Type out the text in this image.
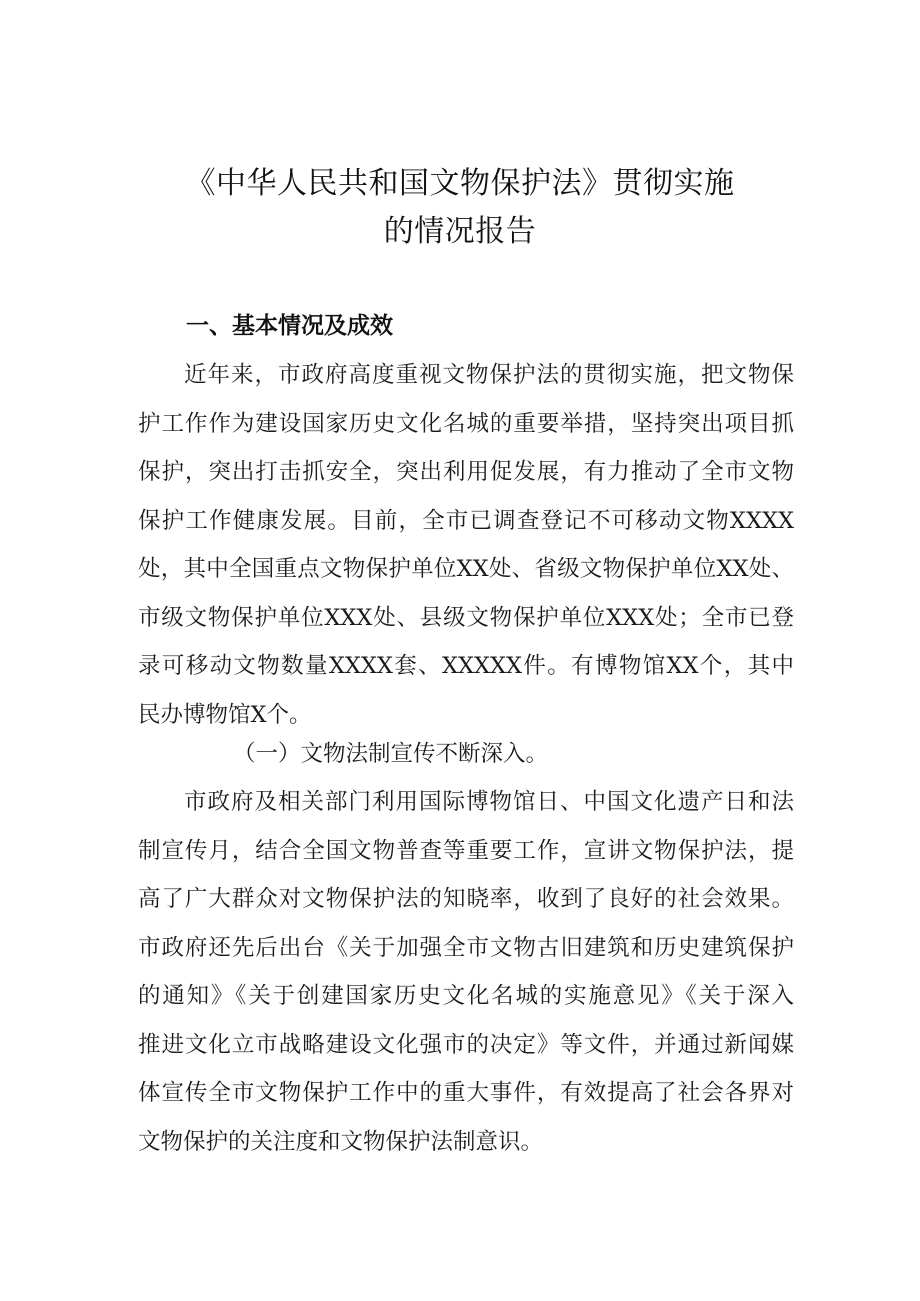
《中华人民共和国文物保护法》贯彻实施
的情况报告
一、基本情况及成效
近年来，市政府高度重视文物保护法的贯彻实施，把文物保
护工作作为建设国家历史文化名城的重要举措，坚持突出项目抓
保护，突出打击抓安全，突出利用促发展，有力推动了全市文物
保护工作健康发展。目前，全市已调查登记不可移动文物XXXX
处，其中全国重点文物保护单位XX处、省级文物保护单位XX处、
市级文物保护单位XXX处、县级文物保护单位XXX处；全市已登
录可移动文物数量XXXX套、XXXXX件。有博物馆XX个，其中
民办博物馆X个。
（一）文物法制宣传不断深入。
市政府及相关部门利用国际博物馆日、中国文化遗产日和法
制宣传月，结合全国文物普查等重要工作，宣讲文物保护法，提
高了广大群众对文物保护法的知晓率，收到了良好的社会效果。
市政府还先后出台《关于加强全市文物古旧建筑和历史建筑保护
的通知》《关于创建国家历史文化名城的实施意见》《关于深入
推进文化立市战略建设文化强市的决定》等文件，并通过新闻媒
体宣传全市文物保护工作中的重大事件，有效提高了社会各界对
文物保护的关注度和文物保护法制意识。
